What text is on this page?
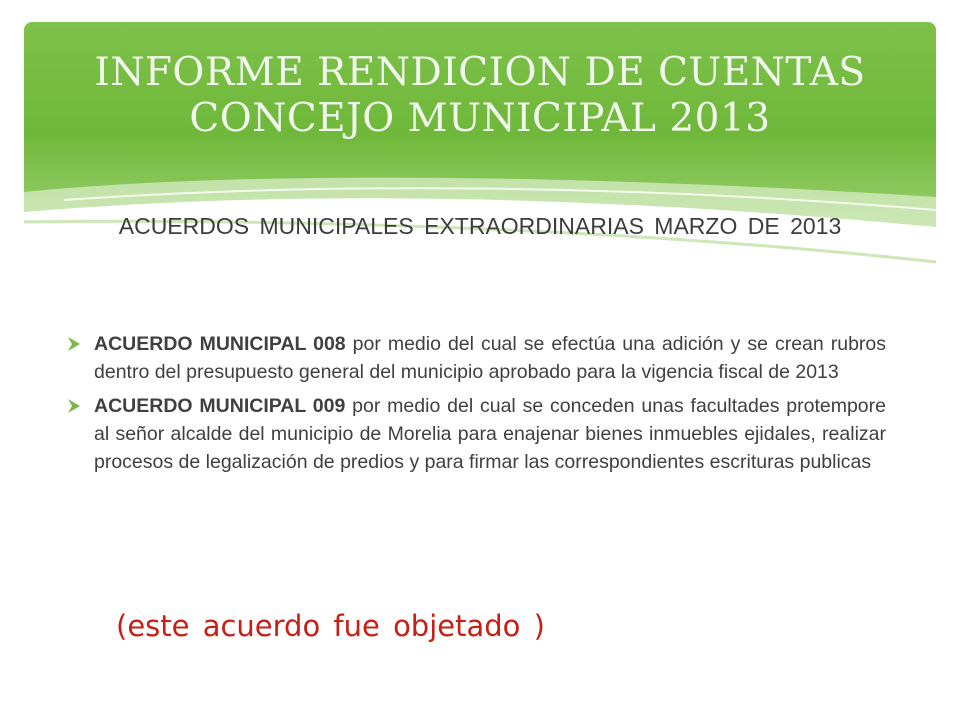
INFORME RENDICION DE CUENTAS
CONCEJO MUNICIPAL 2013
ACUERDOS MUNICIPALES EXTRAORDINARIAS MARZO DE 2013
ACUERDO MUNICIPAL 008 por medio del cual se efectúa una adición y se crean rubros dentro del presupuesto general del municipio aprobado para la vigencia fiscal de 2013
ACUERDO MUNICIPAL 009 por medio del cual se conceden unas facultades protempore al señor alcalde del municipio de Morelia para enajenar bienes inmuebles ejidales, realizar procesos de legalización de predios y para firmar las correspondientes escrituras publicas
(este acuerdo fue objetado )
